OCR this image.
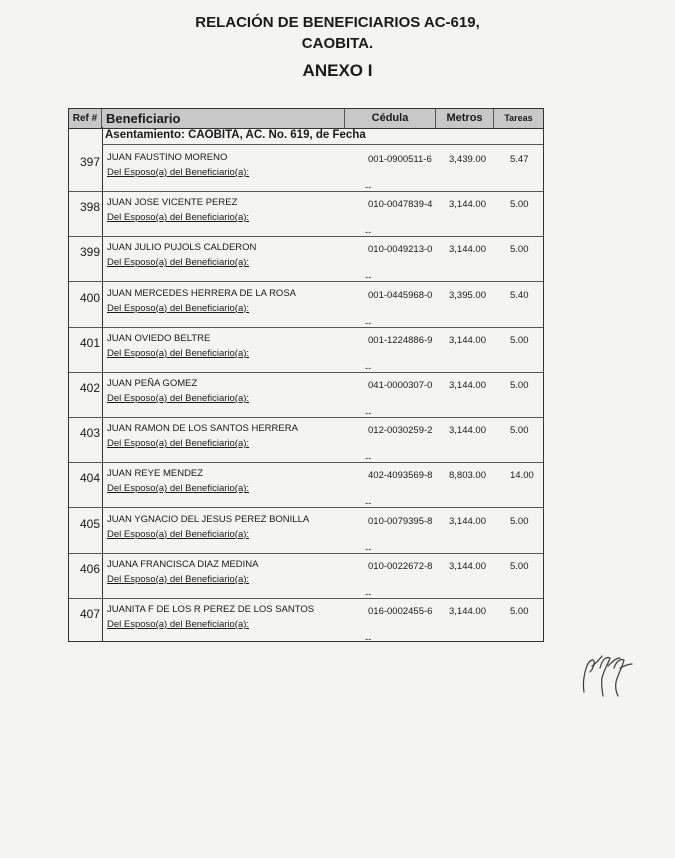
RELACIÓN DE BENEFICIARIOS AC-619,
CAOBITA.
ANEXO I
Ref # Beneficiario	Cédula	Metros	Tareas
Asentamiento: CAOBITA, AC. No. 619, de Fecha
397 JUAN FAUSTINO MORENO
Del Esposo(a) del Beneficiario(a):
001-0900511-6 3,439.00	5.47
--
398 JUAN JOSE VICENTE PEREZ
Del Esposo(a) del Beneficiario(a):
010-0047839-4 3,144.00	5.00
--
399 JUAN JULIO PUJOLS CALDERON
Del Esposo(a) del Beneficiario(a):
010-0049213-0 3,144.00	5.00
--
400 JUAN MERCEDES HERRERA DE LA ROSA
Del Esposo(a) del Beneficiario(a):
001-0445968-0 3,395.00	5.40
--
401 JUAN OVIEDO BELTRE
Del Esposo(a) del Beneficiario(a):
001-1224886-9 3,144.00	5.00
--
402 JUAN PEÑA GOMEZ
Del Esposo(a) del Beneficiario(a):
041-0000307-0 3,144.00	5.00
--
403 JUAN RAMON DE LOS SANTOS HERRERA
Del Esposo(a) del Beneficiario(a):
012-0030259-2 3,144.00	5.00
--
404 JUAN REYE MENDEZ
Del Esposo(a) del Beneficiario(a):
402-4093569-8 8,803.00	14.00
--
405 JUAN YGNACIO DEL JESUS PEREZ BONILLA
Del Esposo(a) del Beneficiario(a):
010-0079395-8 3,144.00	5.00
--
406 JUANA FRANCISCA DIAZ MEDINA
Del Esposo(a) del Beneficiario(a):
010-0022672-8 3,144.00	5.00
--
407 JUANITA F DE LOS R PEREZ DE LOS SANTOS
Del Esposo(a) del Beneficiario(a):
016-0002455-6 3,144.00	5.00
--
